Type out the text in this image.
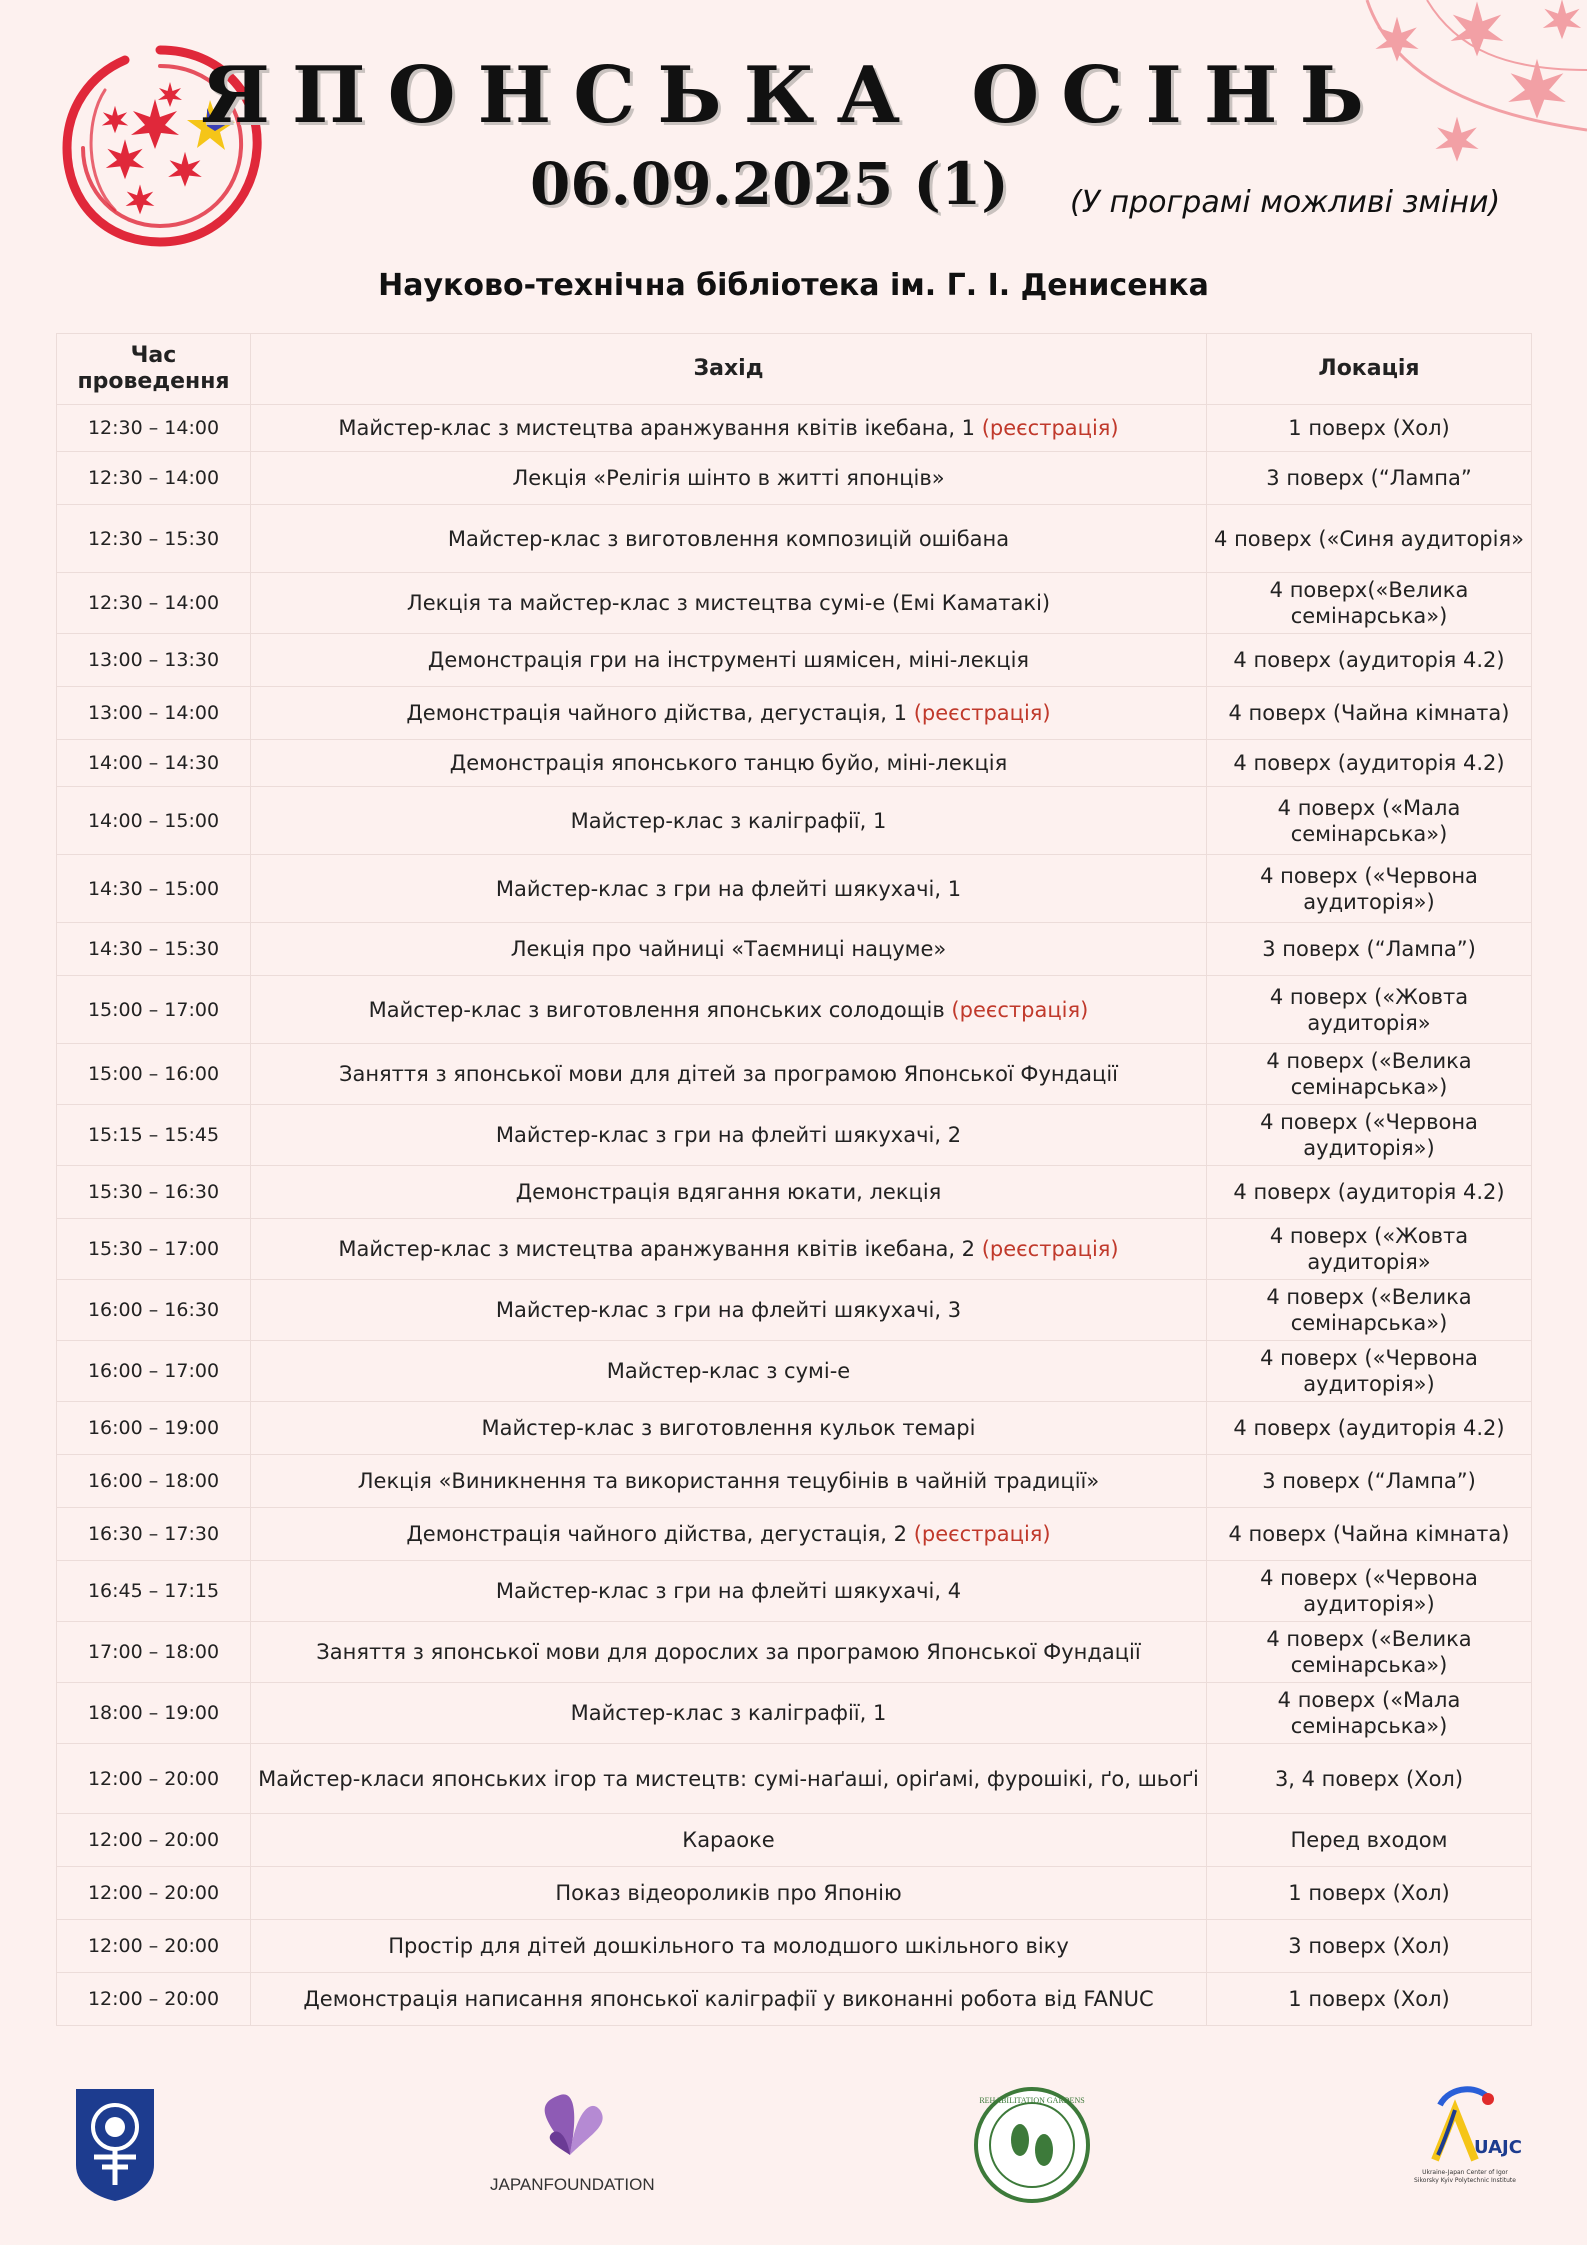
ЯПОНСЬКА ОСІНЬ
06.09.2025 (1) (У програмі можливі зміни)
Науково-технічна бібліотека ім. Г. І. Денисенка
Час проведення	Захід	Локація
12:30 – 14:00	Майстер-клас з мистецтва аранжування квітів ікебана, 1 (реєстрація)	1 поверх (Хол)
12:30 – 14:00	Лекція «Релігія шінто в житті японців»	3 поверх (“Лампа”
12:30 – 15:30	Майстер-клас з виготовлення композицій ошібана	4 поверх («Синя аудиторія»
12:30 – 14:00	Лекція та майстер-клас з мистецтва сумі-е (Емі Каматакі)	4 поверх(«Велика семінарська»)
13:00 – 13:30	Демонстрація гри на інструменті шямісен, міні-лекція	4 поверх (аудиторія 4.2)
13:00 – 14:00	Демонстрація чайного дійства, дегустація, 1 (реєстрація)	4 поверх (Чайна кімната)
14:00 – 14:30	Демонстрація японського танцю буйо, міні-лекція	4 поверх (аудиторія 4.2)
14:00 – 15:00	Майстер-клас з каліграфії, 1	4 поверх («Мала семінарська»)
14:30 – 15:00	Майстер-клас з гри на флейті шякухачі, 1	4 поверх («Червона аудиторія»)
14:30 – 15:30	Лекція про чайниці «Таємниці нацуме»	3 поверх (“Лампа”)
15:00 – 17:00	Майстер-клас з виготовлення японських солодощів (реєстрація)	4 поверх («Жовта аудиторія»
15:00 – 16:00	Заняття з японської мови для дітей за програмою Японської Фундації	4 поверх («Велика семінарська»)
15:15 – 15:45	Майстер-клас з гри на флейті шякухачі, 2	4 поверх («Червона аудиторія»)
15:30 – 16:30	Демонстрація вдягання юкати, лекція	4 поверх (аудиторія 4.2)
15:30 – 17:00	Майстер-клас з мистецтва аранжування квітів ікебана, 2 (реєстрація)	4 поверх («Жовта аудиторія»
16:00 – 16:30	Майстер-клас з гри на флейті шякухачі, 3	4 поверх («Велика семінарська»)
16:00 – 17:00	Майстер-клас з сумі-е	4 поверх («Червона аудиторія»)
16:00 – 19:00	Майстер-клас з виготовлення кульок темарі	4 поверх (аудиторія 4.2)
16:00 – 18:00	Лекція «Виникнення та використання тецубінів в чайній традиції»	3 поверх (“Лампа”)
16:30 – 17:30	Демонстрація чайного дійства, дегустація, 2 (реєстрація)	4 поверх (Чайна кімната)
16:45 – 17:15	Майстер-клас з гри на флейті шякухачі, 4	4 поверх («Червона аудиторія»)
17:00 – 18:00	Заняття з японської мови для дорослих за програмою Японської Фундації	4 поверх («Велика семінарська»)
18:00 – 19:00	Майстер-клас з каліграфії, 1	4 поверх («Мала семінарська»)
12:00 – 20:00	Майстер-класи японських ігор та мистецтв: сумі-наґаші, оріґамі, фурошікі, ґо, шьоґі	3, 4 поверх (Хол)
12:00 – 20:00	Караоке	Перед входом
12:00 – 20:00	Показ відеороликів про Японію	1 поверх (Хол)
12:00 – 20:00	Простір для дітей дошкільного та молодшого шкільного віку	3 поверх (Хол)
12:00 – 20:00	Демонстрація написання японської каліграфії у виконанні робота від FANUC	1 поверх (Хол)
JAPANFOUNDATION
REHABILITATION GARDENS
UAJC
Ukraine-Japan Center of Igor Sikorsky Kyiv Polytechnic Institute
